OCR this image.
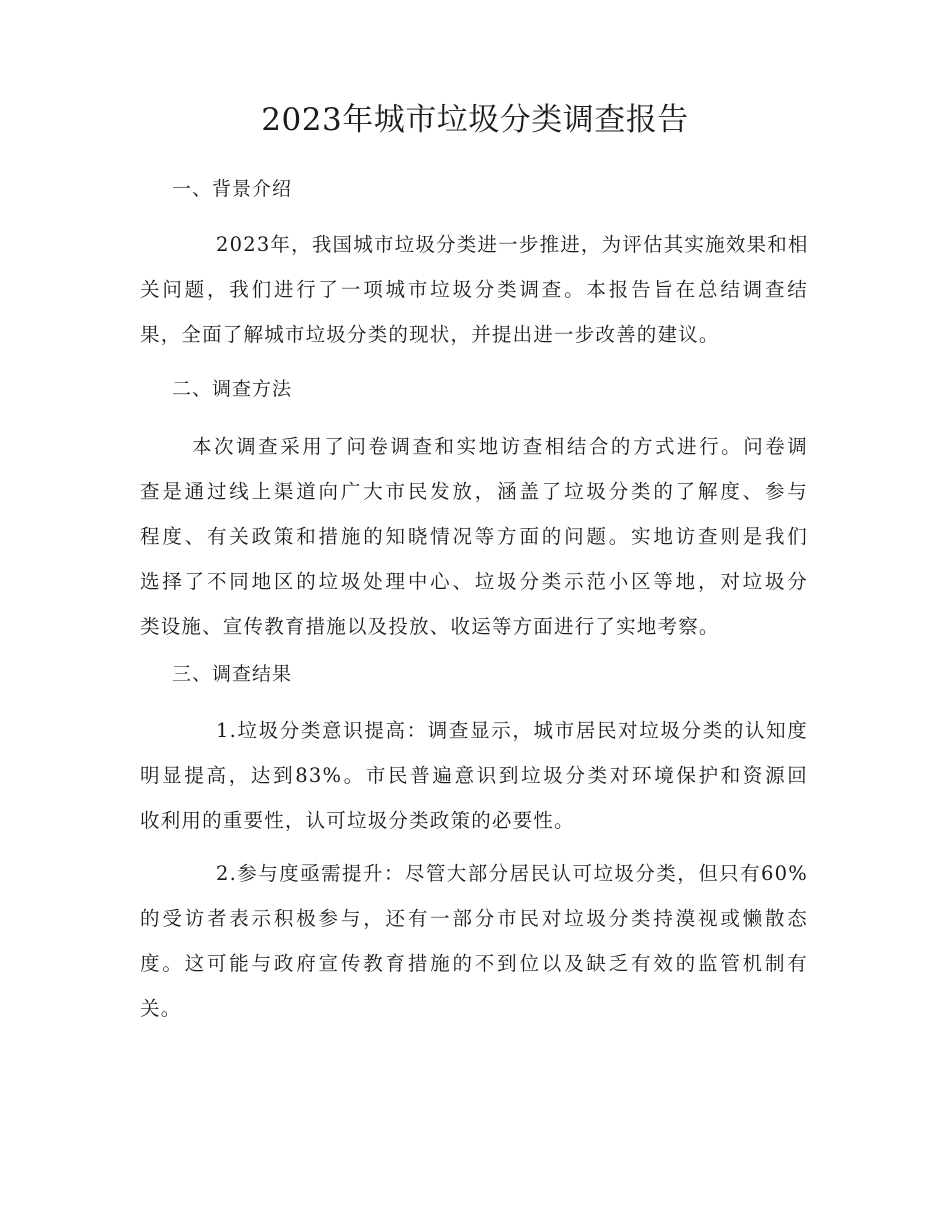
2023年城市垃圾分类调查报告
一、背景介绍
2023年，我国城市垃圾分类进一步推进，为评估其实施效果和相
关问题，我们进行了一项城市垃圾分类调查。本报告旨在总结调查结
果，全面了解城市垃圾分类的现状，并提出进一步改善的建议。
二、调查方法
本次调查采用了问卷调查和实地访查相结合的方式进行。问卷调
查是通过线上渠道向广大市民发放，涵盖了垃圾分类的了解度、参与
程度、有关政策和措施的知晓情况等方面的问题。实地访查则是我们
选择了不同地区的垃圾处理中心、垃圾分类示范小区等地，对垃圾分
类设施、宣传教育措施以及投放、收运等方面进行了实地考察。
三、调查结果
1.垃圾分类意识提高：调查显示，城市居民对垃圾分类的认知度
明显提高，达到83%。市民普遍意识到垃圾分类对环境保护和资源回
收利用的重要性，认可垃圾分类政策的必要性。
2.参与度亟需提升：尽管大部分居民认可垃圾分类，但只有60%
的受访者表示积极参与，还有一部分市民对垃圾分类持漠视或懒散态
度。这可能与政府宣传教育措施的不到位以及缺乏有效的监管机制有
关。
